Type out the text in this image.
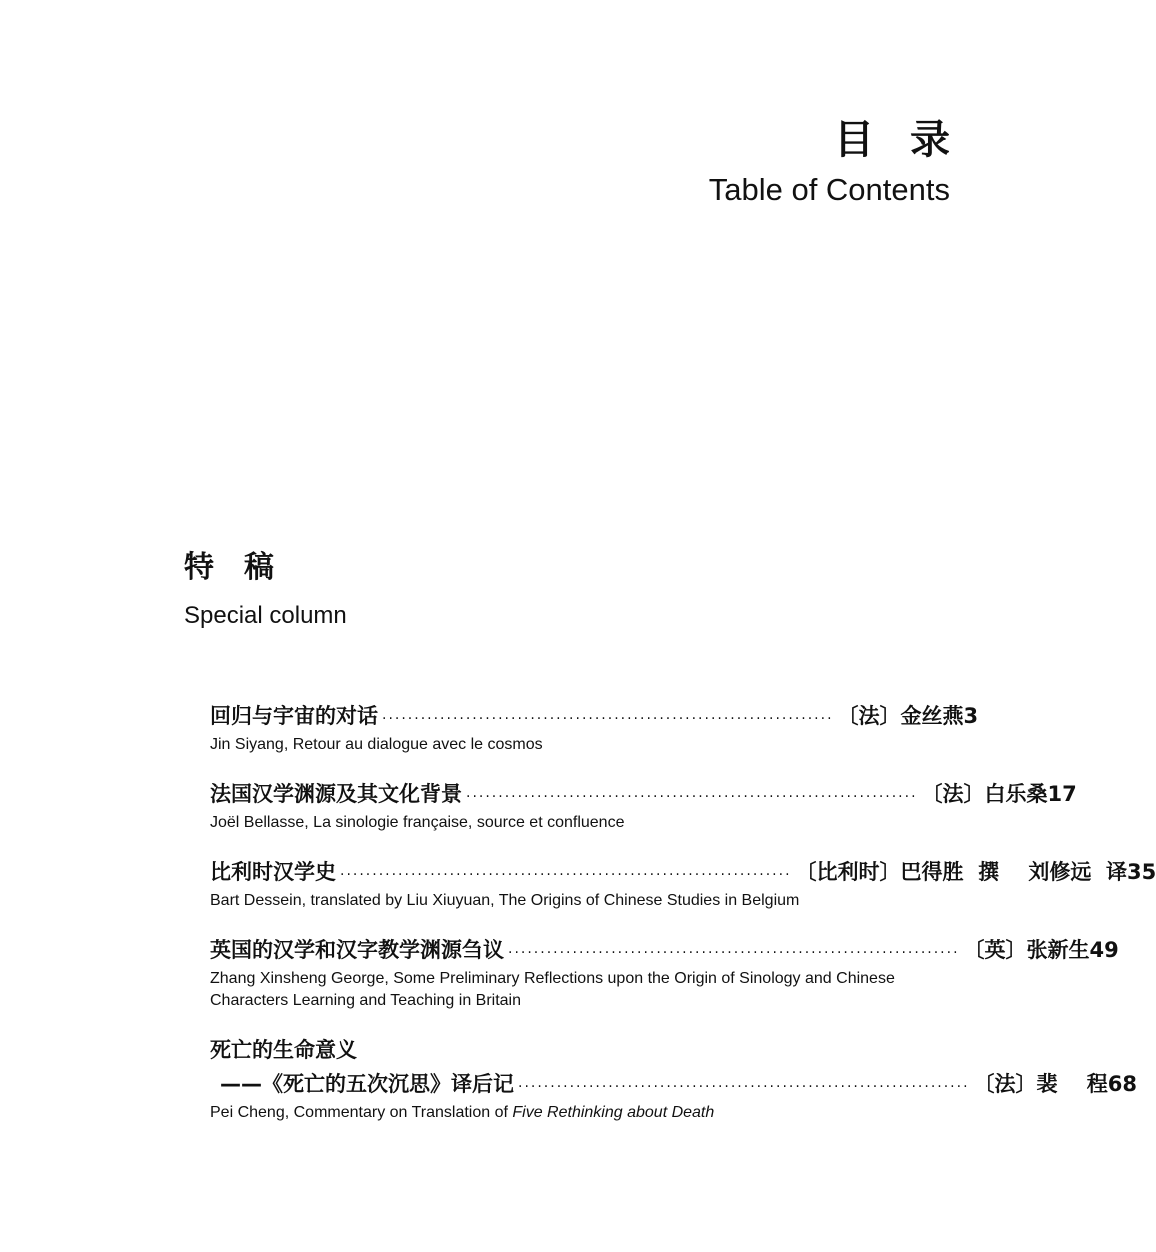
目录
Table of Contents
特稿
Special column
回归与宇宙的对话 ······································································ 〔法〕金丝燕 3
Jin Siyang, Retour au dialogue avec le cosmos
法国汉学渊源及其文化背景 ······································································ 〔法〕白乐桑 17
Joël Bellasse, La sinologie française, source et confluence
比利时汉学史 ······································································ 〔比利时〕巴得胜  撰    刘修远  译 35
Bart Dessein, translated by Liu Xiuyuan, The Origins of Chinese Studies in Belgium
英国的汉学和汉字教学渊源刍议 ······································································ 〔英〕张新生 49
Zhang Xinsheng George, Some Preliminary Reflections upon the Origin of Sinology and Chinese Characters Learning and Teaching in Britain
死亡的生命意义
——《死亡的五次沉思》译后记 ······································································ 〔法〕裴    程 68
Pei Cheng, Commentary on Translation of Five Rethinking about Death
